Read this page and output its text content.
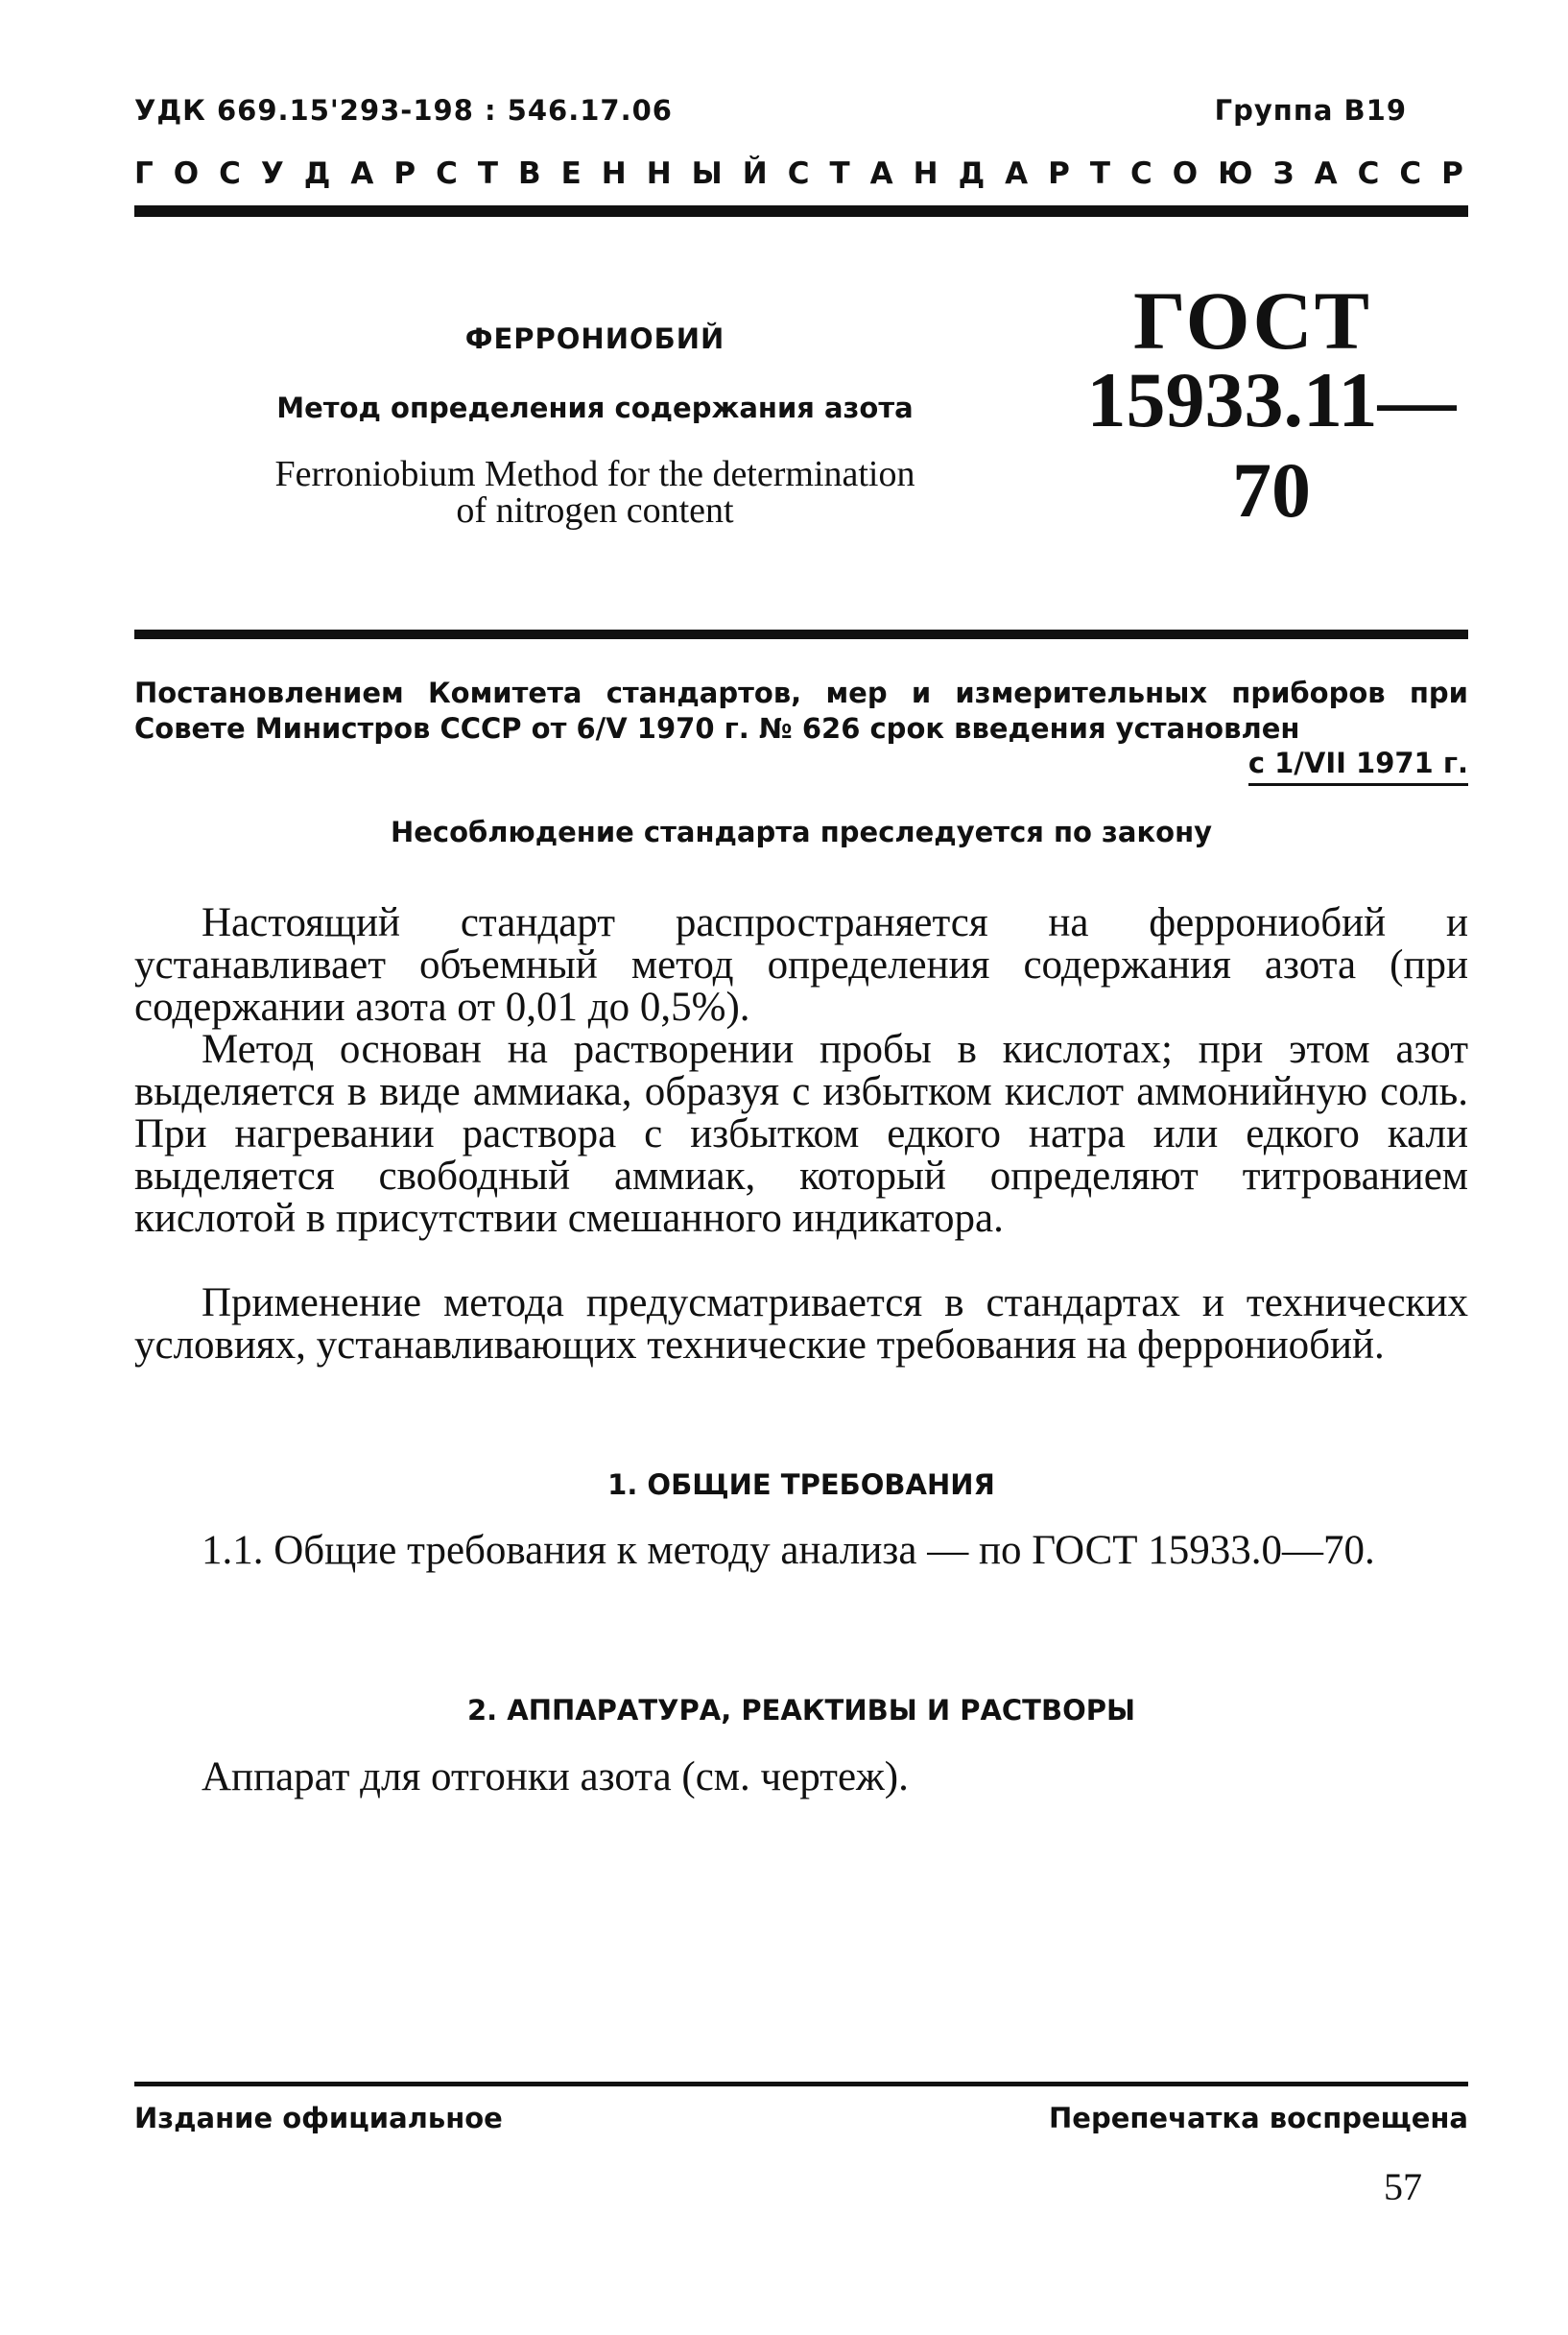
УДК 669.15'293-198 : 546.17.06	Группа В19
ГОСУДАРСТВЕННЫЙ СТАНДАРТ СОЮЗА ССР
ФЕРРОНИОБИЙ
Метод определения содержания азота
Ferroniobium Method for the determination
of nitrogen content
ГОСТ
15933.11—70
Постановлением Комитета стандартов, мер и измерительных приборов при Совете Министров СССР от 6/V 1970 г. № 626 срок введения установлен
с 1/VII 1971 г.
Несоблюдение стандарта преследуется по закону
Настоящий стандарт распространяется на феррониобий и устанавливает объемный метод определения содержания азота (при содержании азота от 0,01 до 0,5%).
Метод основан на растворении пробы в кислотах; при этом азот выделяется в виде аммиака, образуя с избытком кислот аммонийную соль. При нагревании раствора с избытком едкого натра или едкого кали выделяется свободный аммиак, который определяют титрованием кислотой в присутствии смешанного индикатора.
Применение метода предусматривается в стандартах и технических условиях, устанавливающих технические требования на феррониобий.
1. ОБЩИЕ ТРЕБОВАНИЯ
1.1. Общие требования к методу анализа — по ГОСТ 15933.0—70.
2. АППАРАТУРА, РЕАКТИВЫ И РАСТВОРЫ
Аппарат для отгонки азота (см. чертеж).
Издание официальное	Перепечатка воспрещена
57
